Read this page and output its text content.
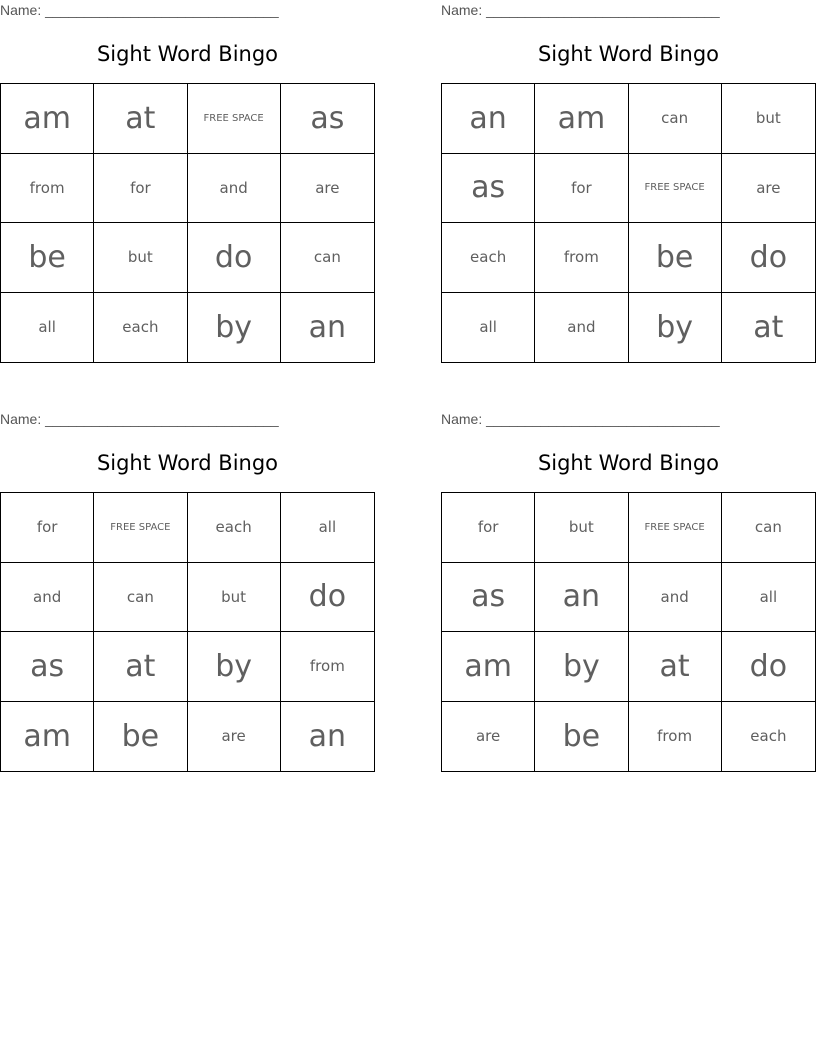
Name: ______________________________
Sight Word Bingo
am	at	FREE SPACE	as
from	for	and	are
be	but	do	can
all	each	by	an
Name: ______________________________
Sight Word Bingo
an	am	can	but
as	for	FREE SPACE	are
each	from	be	do
all	and	by	at
Name: ______________________________
Sight Word Bingo
for	FREE SPACE	each	all
and	can	but	do
as	at	by	from
am	be	are	an
Name: ______________________________
Sight Word Bingo
for	but	FREE SPACE	can
as	an	and	all
am	by	at	do
are	be	from	each
